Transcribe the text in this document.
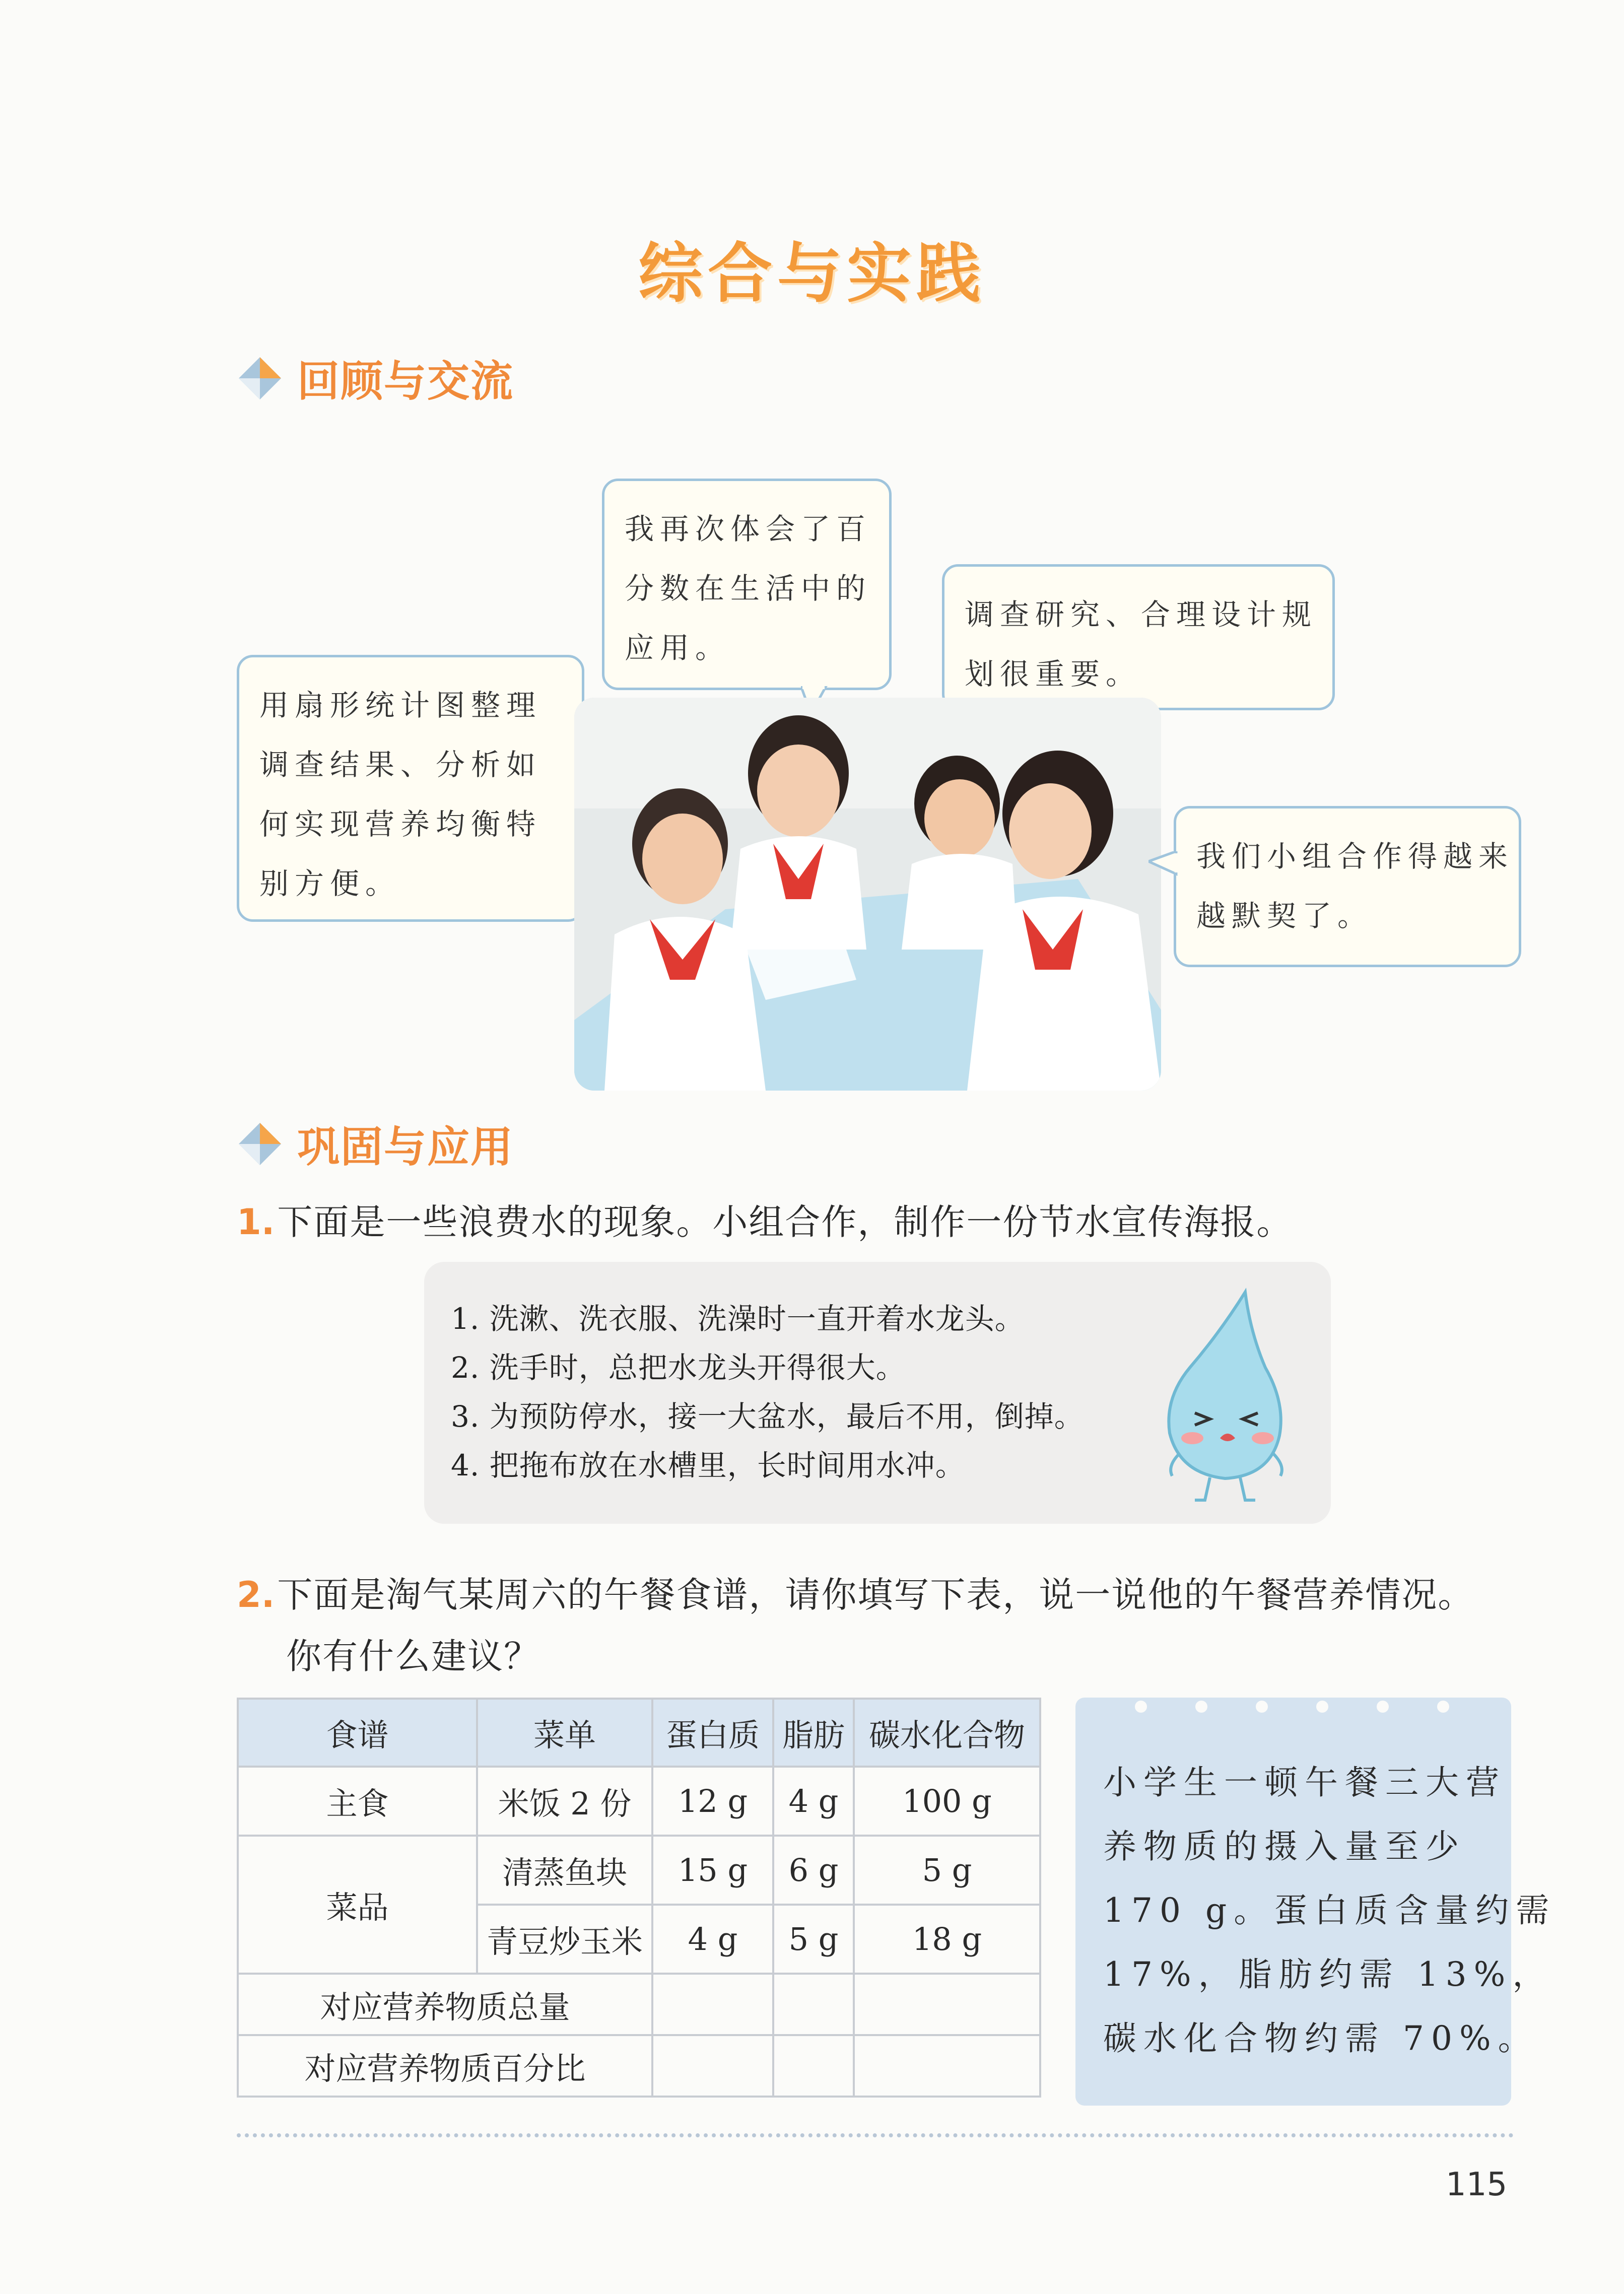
综合与实践
回顾与交流
我再次体会了百
分数在生活中的
应用。
调查研究、合理设计规
划很重要。
用扇形统计图整理
调查结果、分析如
何实现营养均衡特
别方便。
我们小组合作得越来
越默契了。
巩固与应用
1. 下面是一些浪费水的现象。小组合作，制作一份节水宣传海报。
1. 洗漱、洗衣服、洗澡时一直开着水龙头。
2. 洗手时，总把水龙头开得很大。
3. 为预防停水，接一大盆水，最后不用，倒掉。
4. 把拖布放在水槽里，长时间用水冲。
2. 下面是淘气某周六的午餐食谱，请你填写下表，说一说他的午餐营养情况。
你有什么建议？
食谱	菜单	蛋白质	脂肪	碳水化合物
主食	米饭 2 份	12 g	4 g	100 g
菜品	清蒸鱼块	15 g	6 g	5 g
	青豆炒玉米	4 g	5 g	18 g
对应营养物质总量				
对应营养物质百分比				
小学生一顿午餐三大营
养物质的摄入量至少
170 g。蛋白质含量约需
17%，脂肪约需 13%，
碳水化合物约需 70%。
115
